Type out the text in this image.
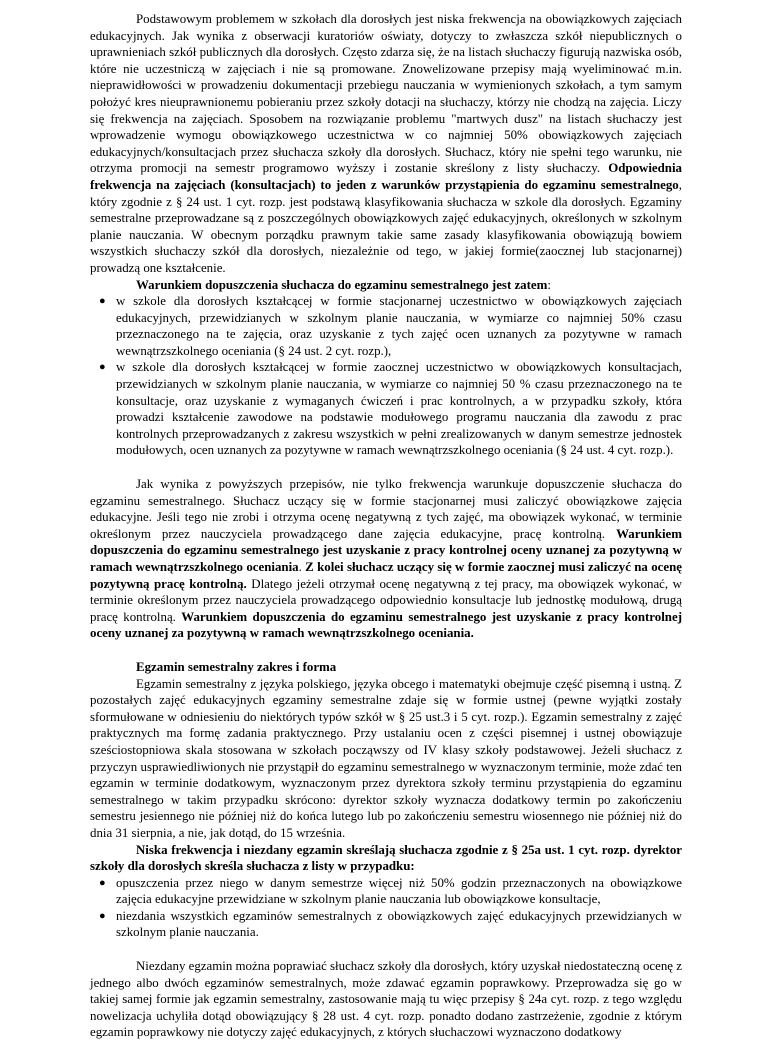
Podstawowym problemem w szkołach dla dorosłych jest niska frekwencja na obowiązkowych zajęciach edukacyjnych. Jak wynika z obserwacji kuratoriów oświaty, dotyczy to zwłaszcza szkół niepublicznych o uprawnieniach szkół publicznych dla dorosłych. Często zdarza się, że na listach słuchaczy figurują nazwiska osób, które nie uczestniczą w zajęciach i nie są promowane. Znowelizowane przepisy mają wyeliminować m.in. nieprawidłowości w prowadzeniu dokumentacji przebiegu nauczania w wymienionych szkołach, a tym samym położyć kres nieuprawnionemu pobieraniu przez szkoły dotacji na słuchaczy, którzy nie chodzą na zajęcia. Liczy się frekwencja na zajęciach. Sposobem na rozwiązanie problemu "martwych dusz" na listach słuchaczy jest wprowadzenie wymogu obowiązkowego uczestnictwa w co najmniej 50% obowiązkowych zajęciach edukacyjnych/konsultacjach przez słuchacza szkoły dla dorosłych. Słuchacz, który nie spełni tego warunku, nie otrzyma promocji na semestr programowo wyższy i zostanie skreślony z listy słuchaczy. Odpowiednia frekwencja na zajęciach (konsultacjach) to jeden z warunków przystąpienia do egzaminu semestralnego, który zgodnie z § 24 ust. 1 cyt. rozp. jest podstawą klasyfikowania słuchacza w szkole dla dorosłych. Egzaminy semestralne przeprowadzane są z poszczególnych obowiązkowych zajęć edukacyjnych, określonych w szkolnym planie nauczania. W obecnym porządku prawnym takie same zasady klasyfikowania obowiązują bowiem wszystkich słuchaczy szkół dla dorosłych, niezależnie od tego, w jakiej formie(zaocznej lub stacjonarnej) prowadzą one kształcenie.

Warunkiem dopuszczenia słuchacza do egzaminu semestralnego jest zatem:

● w szkole dla dorosłych kształcącej w formie stacjonarnej uczestnictwo w obowiązkowych zajęciach edukacyjnych, przewidzianych w szkolnym planie nauczania, w wymiarze co najmniej 50% czasu przeznaczonego na te zajęcia, oraz uzyskanie z tych zajęć ocen uznanych za pozytywne w ramach wewnątrzszkolnego oceniania (§ 24 ust. 2 cyt. rozp.),
● w szkole dla dorosłych kształcącej w formie zaocznej uczestnictwo w obowiązkowych konsultacjach, przewidzianych w szkolnym planie nauczania, w wymiarze co najmniej 50 % czasu przeznaczonego na te konsultacje, oraz uzyskanie z wymaganych ćwiczeń i prac kontrolnych, a w przypadku szkoły, która prowadzi kształcenie zawodowe na podstawie modułowego programu nauczania dla zawodu z prac kontrolnych przeprowadzanych z zakresu wszystkich w pełni zrealizowanych w danym semestrze jednostek modułowych, ocen uznanych za pozytywne w ramach wewnątrzszkolnego oceniania (§ 24 ust. 4 cyt. rozp.).

Jak wynika z powyższych przepisów, nie tylko frekwencja warunkuje dopuszczenie słuchacza do egzaminu semestralnego. Słuchacz uczący się w formie stacjonarnej musi zaliczyć obowiązkowe zajęcia edukacyjne. Jeśli tego nie zrobi i otrzyma ocenę negatywną z tych zajęć, ma obowiązek wykonać, w terminie określonym przez nauczyciela prowadzącego dane zajęcia edukacyjne, pracę kontrolną. Warunkiem dopuszczenia do egzaminu semestralnego jest uzyskanie z pracy kontrolnej oceny uznanej za pozytywną w ramach wewnątrzszkolnego oceniania. Z kolei słuchacz uczący się w formie zaocznej musi zaliczyć na ocenę pozytywną pracę kontrolną. Dlatego jeżeli otrzymał ocenę negatywną z tej pracy, ma obowiązek wykonać, w terminie określonym przez nauczyciela prowadzącego odpowiednio konsultacje lub jednostkę modułową, drugą pracę kontrolną. Warunkiem dopuszczenia do egzaminu semestralnego jest uzyskanie z pracy kontrolnej oceny uznanej za pozytywną w ramach wewnątrzszkolnego oceniania.

Egzamin semestralny zakres i forma

Egzamin semestralny z języka polskiego, języka obcego i matematyki obejmuje część pisemną i ustną. Z pozostałych zajęć edukacyjnych egzaminy semestralne zdaje się w formie ustnej (pewne wyjątki zostały sformułowane w odniesieniu do niektórych typów szkół w § 25 ust.3 i 5 cyt. rozp.). Egzamin semestralny z zajęć praktycznych ma formę zadania praktycznego. Przy ustalaniu ocen z części pisemnej i ustnej obowiązuje sześciostopniowa skala stosowana w szkołach począwszy od IV klasy szkoły podstawowej. Jeżeli słuchacz z przyczyn usprawiedliwionych nie przystąpił do egzaminu semestralnego w wyznaczonym terminie, może zdać ten egzamin w terminie dodatkowym, wyznaczonym przez dyrektora szkoły terminu przystąpienia do egzaminu semestralnego w takim przypadku skrócono: dyrektor szkoły wyznacza dodatkowy termin po zakończeniu semestru jesiennego nie później niż do końca lutego lub po zakończeniu semestru wiosennego nie później niż do dnia 31 sierpnia, a nie, jak dotąd, do 15 września.

Niska frekwencja i niezdany egzamin skreślają słuchacza zgodnie z § 25a ust. 1 cyt. rozp. dyrektor szkoły dla dorosłych skreśla słuchacza z listy w przypadku:

● opuszczenia przez niego w danym semestrze więcej niż 50% godzin przeznaczonych na obowiązkowe zajęcia edukacyjne przewidziane w szkolnym planie nauczania lub obowiązkowe konsultacje,
● niezdania wszystkich egzaminów semestralnych z obowiązkowych zajęć edukacyjnych przewidzianych w szkolnym planie nauczania.

Niezdany egzamin można poprawiać słuchacz szkoły dla dorosłych, który uzyskał niedostateczną ocenę z jednego albo dwóch egzaminów semestralnych, może zdawać egzamin poprawkowy. Przeprowadza się go w takiej samej formie jak egzamin semestralny, zastosowanie mają tu więc przepisy § 24a cyt. rozp. z tego względu nowelizacja uchyliła dotąd obowiązujący § 28 ust. 4 cyt. rozp. ponadto dodano zastrzeżenie, zgodnie z którym egzamin poprawkowy nie dotyczy zajęć edukacyjnych, z których słuchaczowi wyznaczono dodatkowy
